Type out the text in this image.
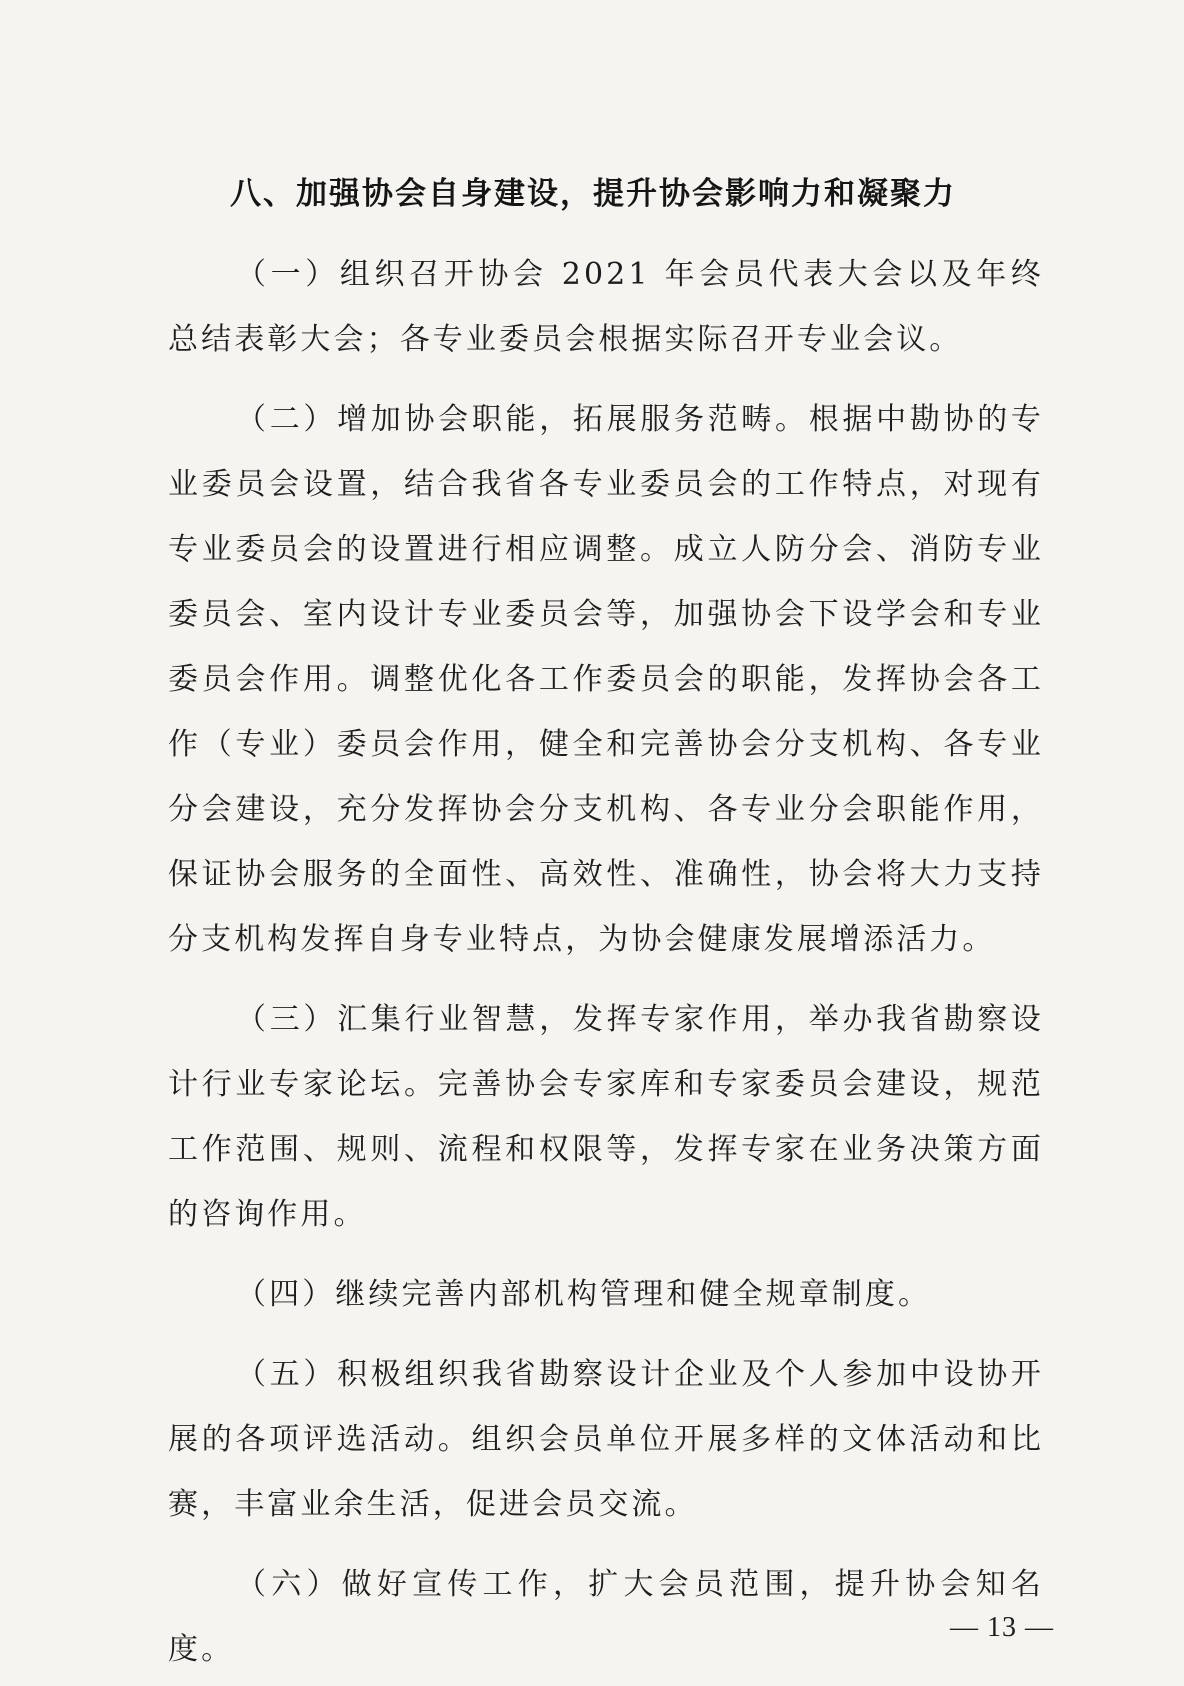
八、加强协会自身建设，提升协会影响力和凝聚力

（一）组织召开协会 2021 年会员代表大会以及年终总结表彰大会；各专业委员会根据实际召开专业会议。

（二）增加协会职能，拓展服务范畴。根据中勘协的专业委员会设置，结合我省各专业委员会的工作特点，对现有专业委员会的设置进行相应调整。成立人防分会、消防专业委员会、室内设计专业委员会等，加强协会下设学会和专业委员会作用。调整优化各工作委员会的职能，发挥协会各工作（专业）委员会作用，健全和完善协会分支机构、各专业分会建设，充分发挥协会分支机构、各专业分会职能作用，保证协会服务的全面性、高效性、准确性，协会将大力支持分支机构发挥自身专业特点，为协会健康发展增添活力。

（三）汇集行业智慧，发挥专家作用，举办我省勘察设计行业专家论坛。完善协会专家库和专家委员会建设，规范工作范围、规则、流程和权限等，发挥专家在业务决策方面的咨询作用。

（四）继续完善内部机构管理和健全规章制度。

（五）积极组织我省勘察设计企业及个人参加中设协开展的各项评选活动。组织会员单位开展多样的文体活动和比赛，丰富业余生活，促进会员交流。

（六）做好宣传工作，扩大会员范围，提升协会知名度。

— 13 —
